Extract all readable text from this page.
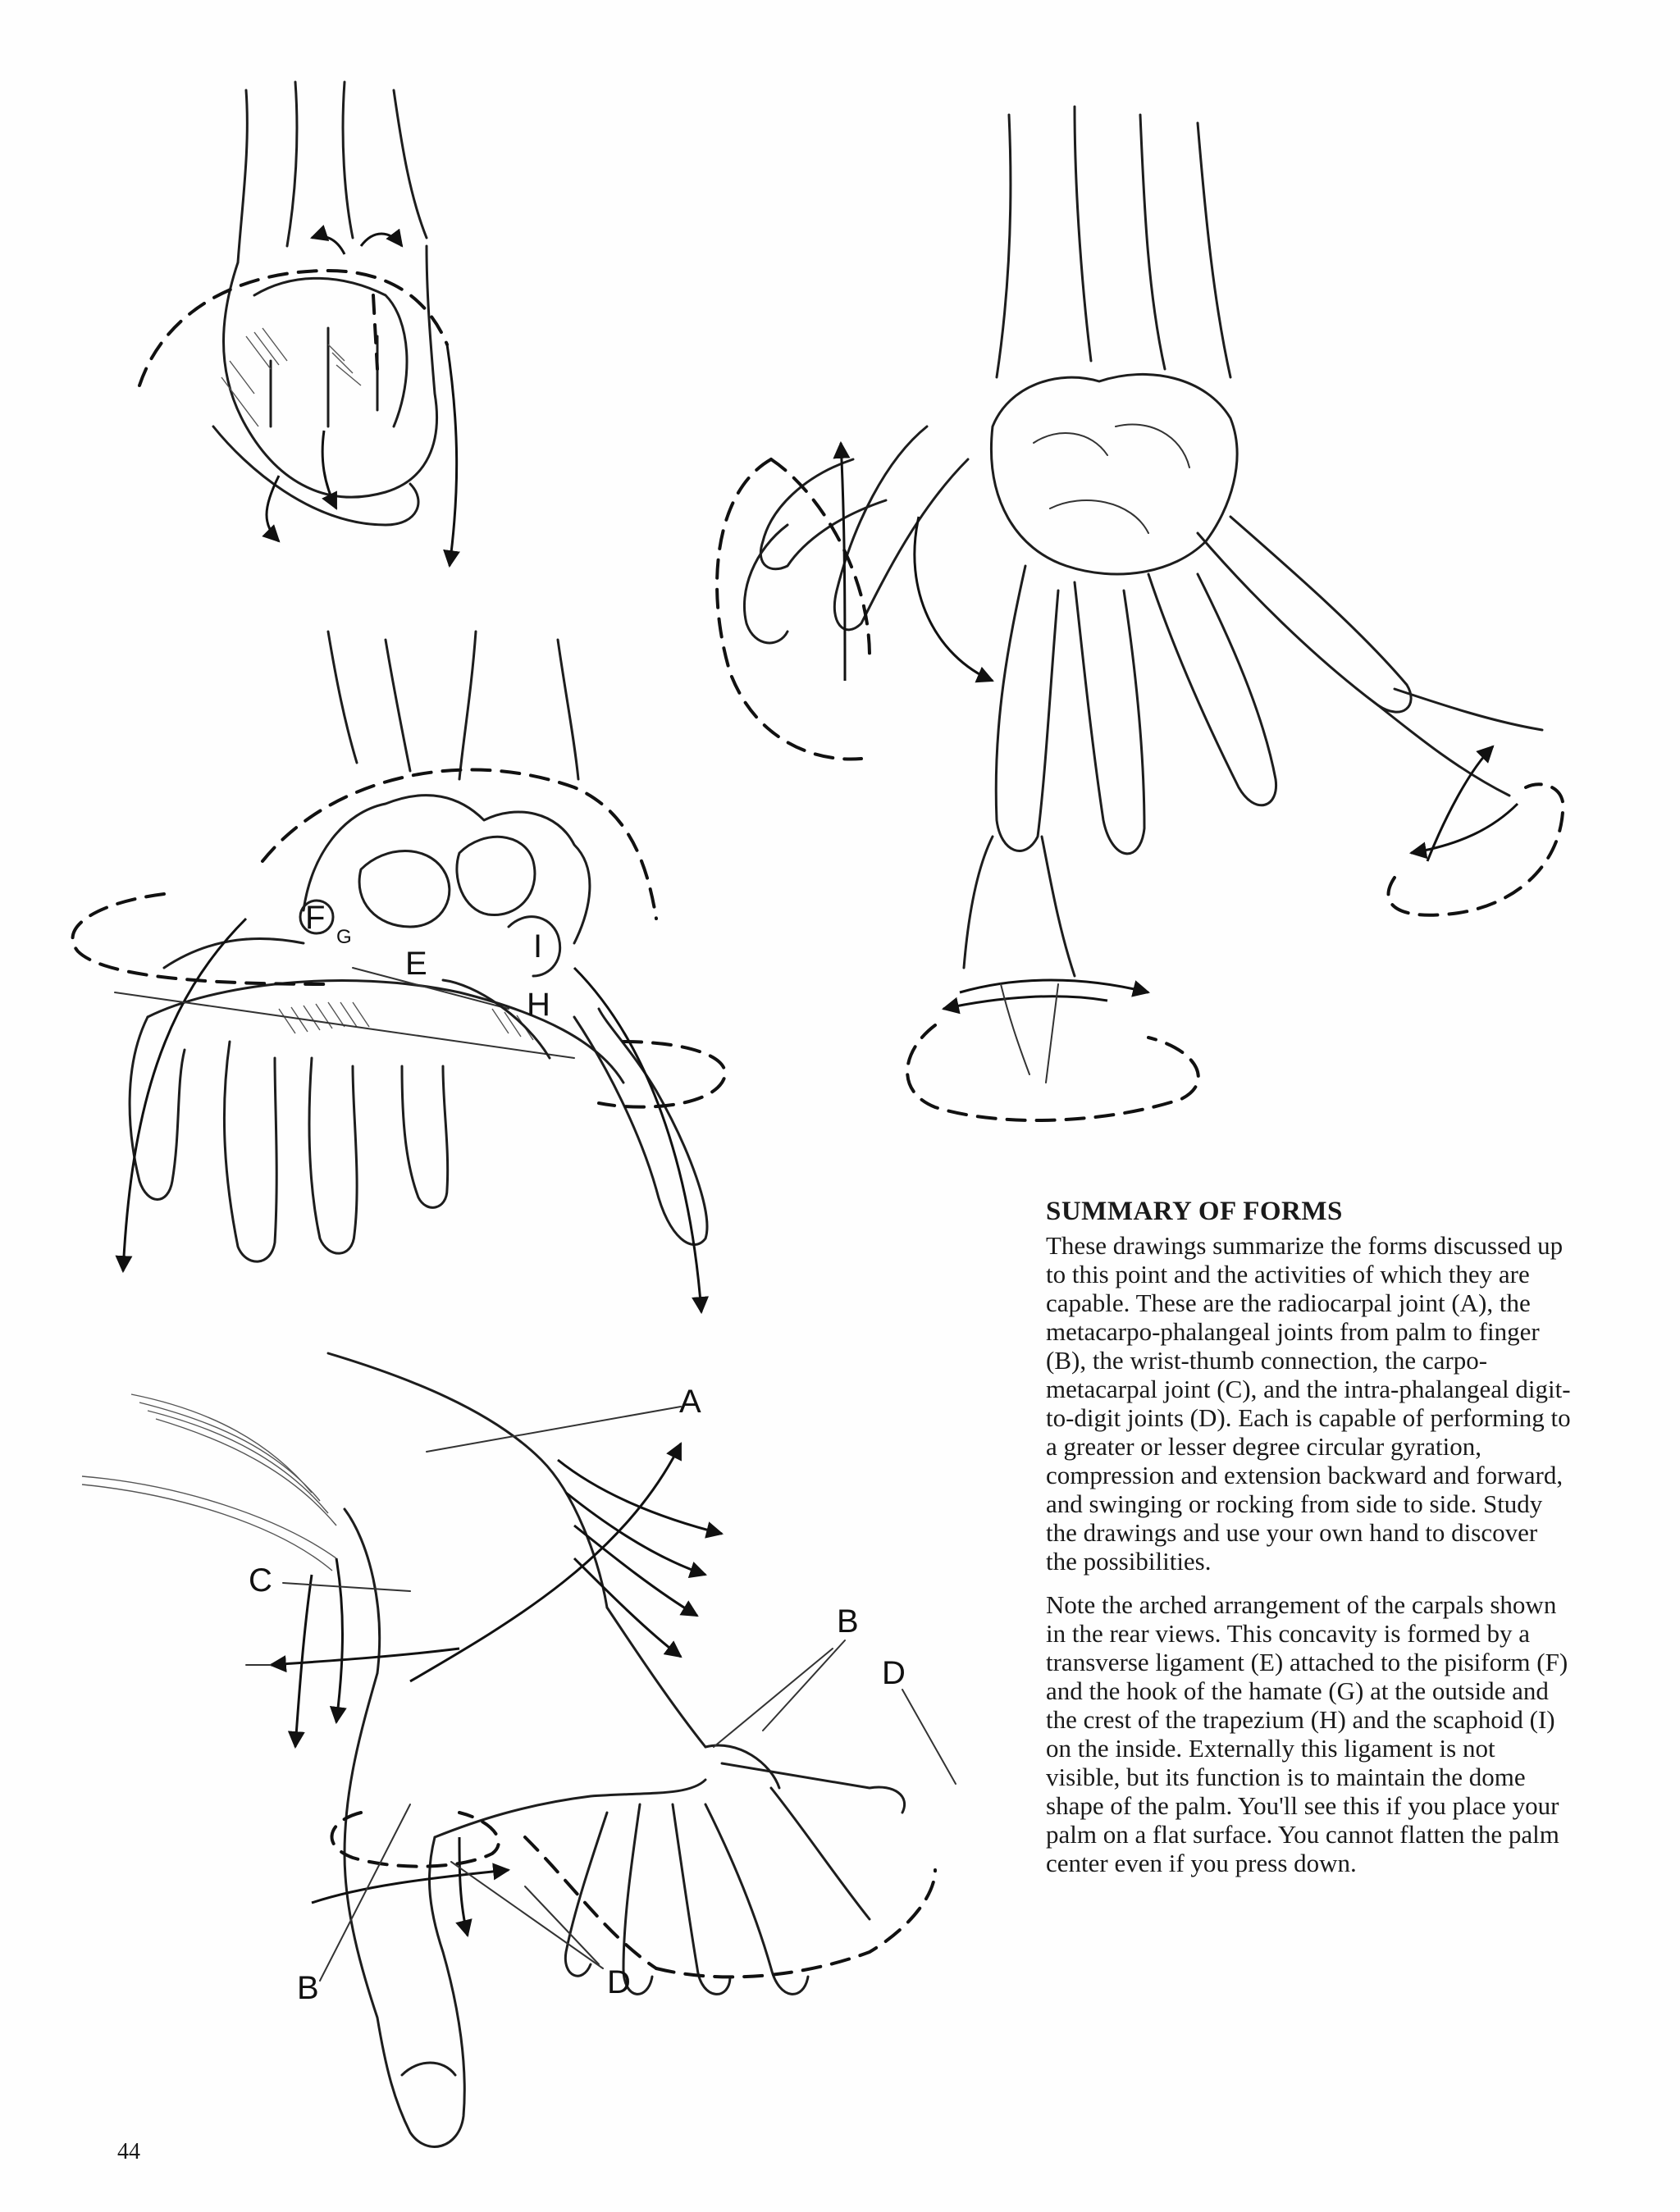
F
G
E	I
H
A
C
B
D
B	D
SUMMARY OF FORMS

These drawings summarize the forms discussed up to this point and the activities of which they are capable. These are the radiocarpal joint (A), the metacarpo-phalangeal joints from palm to finger (B), the wrist-thumb connection, the carpo-metacarpal joint (C), and the intra-phalangeal digit-to-digit joints (D). Each is capable of performing to a greater or lesser degree circular gyration, compression and extension backward and forward, and swinging or rocking from side to side. Study the drawings and use your own hand to discover the possibilities.

Note the arched arrangement of the carpals shown in the rear views. This concavity is formed by a transverse ligament (E) attached to the pisiform (F) and the hook of the hamate (G) at the outside and the crest of the trapezium (H) and the scaphoid (I) on the inside. Externally this ligament is not visible, but its function is to maintain the dome shape of the palm. You'll see this if you place your palm on a flat surface. You cannot flatten the palm center even if you press down.

44
